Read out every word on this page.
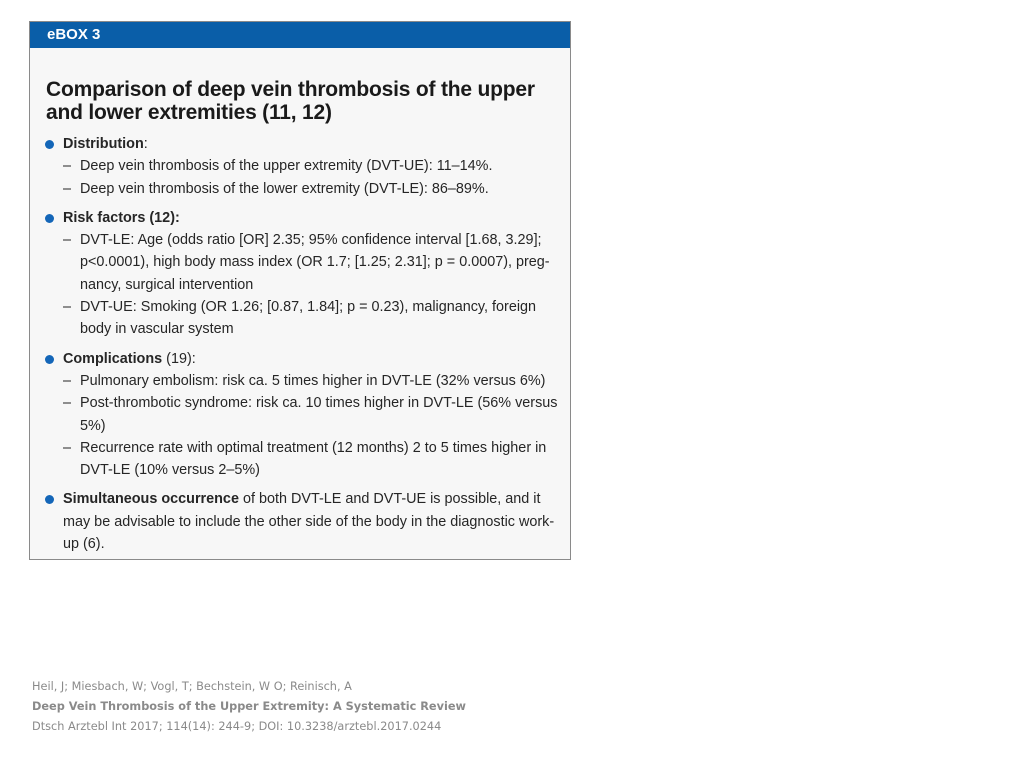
eBOX 3
Comparison of deep vein thrombosis of the upper and lower extremities (11, 12)
Distribution:
– Deep vein thrombosis of the upper extremity (DVT-UE): 11–14%.
– Deep vein thrombosis of the lower extremity (DVT-LE): 86–89%.
Risk factors (12):
– DVT-LE: Age (odds ratio [OR] 2.35; 95% confidence interval [1.68, 3.29]; p<0.0001), high body mass index (OR 1.7; [1.25; 2.31]; p = 0.0007), preg-nancy, surgical intervention
– DVT-UE: Smoking (OR 1.26; [0.87, 1.84]; p = 0.23), malignancy, foreign body in vascular system
Complications (19):
– Pulmonary embolism: risk ca. 5 times higher in DVT-LE (32% versus 6%)
– Post-thrombotic syndrome: risk ca. 10 times higher in DVT-LE (56% versus 5%)
– Recurrence rate with optimal treatment (12 months) 2 to 5 times higher in DVT-LE (10% versus 2–5%)
Simultaneous occurrence of both DVT-LE and DVT-UE is possible, and it may be advisable to include the other side of the body in the diagnostic work-up (6).
Heil, J; Miesbach, W; Vogl, T; Bechstein, W O; Reinisch, A
Deep Vein Thrombosis of the Upper Extremity: A Systematic Review
Dtsch Arztebl Int 2017; 114(14): 244-9; DOI: 10.3238/arztebl.2017.0244
